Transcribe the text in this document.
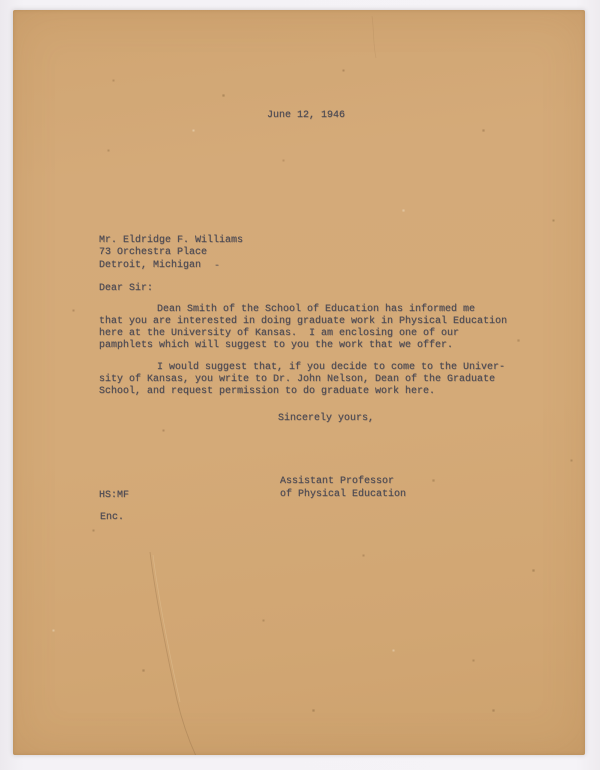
June 12, 1946
Mr. Eldridge F. Williams
73 Orchestra Place
Detroit, Michigan -
Dear Sir:
Dean Smith of the School of Education has informed me
that you are interested in doing graduate work in Physical Education
here at the University of Kansas.  I am enclosing one of our
pamphlets which will suggest to you the work that we offer.
I would suggest that, if you decide to come to the Univer-
sity of Kansas, you write to Dr. John Nelson, Dean of the Graduate
School, and request permission to do graduate work here.
Sincerely yours,
Assistant Professor
of Physical Education
HS:MF
Enc.
